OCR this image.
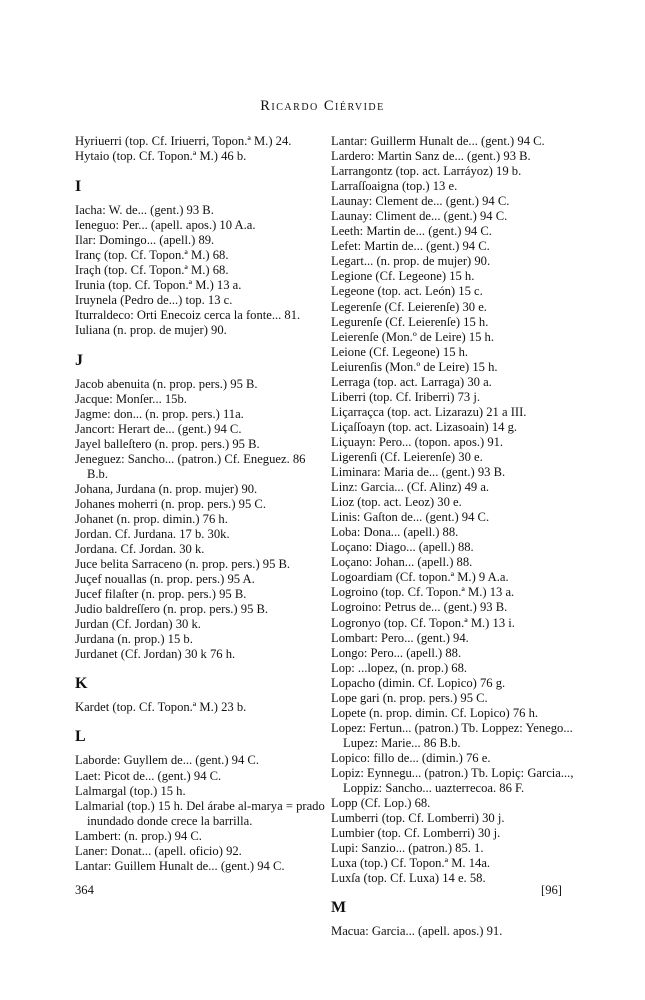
Ricardo Ciérvide

Hyriuerri (top. Cf. Iriuerri, Topon.ª M.) 24.

Hytaio (top. Cf. Topon.ª M.) 46 b.

I

Iacha: W. de... (gent.) 93 B.

Ieneguo: Per... (apell. apos.) 10 A.a.

Ilar: Domingo... (apell.) 89.

Iranç (top. Cf. Topon.ª M.) 68.

Iraçh (top. Cf. Topon.ª M.) 68.

Irunia (top. Cf. Topon.ª M.) 13 a.

Iruynela (Pedro de...) top. 13 c.

Iturraldeco: Orti Enecoiz cerca la fonte... 81.

Iuliana (n. prop. de mujer) 90.

J

Jacob abenuita (n. prop. pers.) 95 B.

Jacque: Monſer... 15b.

Jagme: don... (n. prop. pers.) 11a.

Jancort: Herart de... (gent.) 94 C.

Jayel balleſtero (n. prop. pers.) 95 B.

Jeneguez: Sancho... (patron.) Cf. Eneguez. 86 B.b.

Johana, Jurdana (n. prop. mujer) 90.

Johanes moherri (n. prop. pers.) 95 C.

Johanet (n. prop. dimin.) 76 h.

Jordan. Cf. Jurdana. 17 b. 30k.

Jordana. Cf. Jordan. 30 k.

Juce belita Sarraceno (n. prop. pers.) 95 B.

Juçef nouallas (n. prop. pers.) 95 A.

Jucef filaſter (n. prop. pers.) 95 B.

Judio baldreſſero (n. prop. pers.) 95 B.

Jurdan (Cf. Jordan) 30 k.

Jurdana (n. prop.) 15 b.

Jurdanet (Cf. Jordan) 30 k 76 h.

K

Kardet (top. Cf. Topon.ª M.) 23 b.

L

Laborde: Guyllem de... (gent.) 94 C.

Laet: Picot de... (gent.) 94 C.

Lalmargal (top.) 15 h.

Lalmarial (top.) 15 h. Del árabe al-marya = prado inundado donde crece la barrilla.

Lambert: (n. prop.) 94 C.

Laner: Donat... (apell. oficio) 92.

Lantar: Guillem Hunalt de... (gent.) 94 C.

Lantar: Guillerm Hunalt de... (gent.) 94 C.

Lardero: Martin Sanz de... (gent.) 93 B.

Larrangontz (top. act. Larráyoz) 19 b.

Larraſſoaigna (top.) 13 e.

Launay: Clement de... (gent.) 94 C.

Launay: Climent de... (gent.) 94 C.

Leeth: Martin de... (gent.) 94 C.

Lefet: Martin de... (gent.) 94 C.

Legart... (n. prop. de mujer) 90.

Legione (Cf. Legeone) 15 h.

Legeone (top. act. León) 15 c.

Legerenſe (Cf. Leierenſe) 30 e.

Legurenſe (Cf. Leierenſe) 15 h.

Leierenſe (Mon.º de Leire) 15 h.

Leione (Cf. Legeone) 15 h.

Leiurenſis (Mon.º de Leire) 15 h.

Lerraga (top. act. Larraga) 30 a.

Liberri (top. Cf. Iriberri) 73 j.

Liçarraçca (top. act. Lizarazu) 21 a III.

Liçaſſoayn (top. act. Lizasoain) 14 g.

Liçuayn: Pero... (topon. apos.) 91.

Ligerenſi (Cf. Leierenſe) 30 e.

Liminara: Maria de... (gent.) 93 B.

Linz: Garcia... (Cf. Alinz) 49 a.

Lioz (top. act. Leoz) 30 e.

Linis: Gaſton de... (gent.) 94 C.

Loba: Dona... (apell.) 88.

Loçano: Diago... (apell.) 88.

Loçano: Johan... (apell.) 88.

Logoardiam (Cf. topon.ª M.) 9 A.a.

Logroino (top. Cf. Topon.ª M.) 13 a.

Logroino: Petrus de... (gent.) 93 B.

Logronyo (top. Cf. Topon.ª M.) 13 i.

Lombart: Pero... (gent.) 94.

Longo: Pero... (apell.) 88.

Lop: ...lopez, (n. prop.) 68.

Lopacho (dimin. Cf. Lopico) 76 g.

Lope gari (n. prop. pers.) 95 C.

Lopete (n. prop. dimin. Cf. Lopico) 76 h.

Lopez: Fertun... (patron.) Tb. Loppez: Yenego... Lupez: Marie... 86 B.b.

Lopico: fillo de... (dimin.) 76 e.

Lopiz: Eynnegu... (patron.) Tb. Lopiç: Garcia..., Loppiz: Sancho... uazterrecoa. 86 F.

Lopp (Cf. Lop.) 68.

Lumberri (top. Cf. Lomberri) 30 j.

Lumbier (top. Cf. Lomberri) 30 j.

Lupi: Sanzio... (patron.) 85. 1.

Luxa (top.) Cf. Topon.ª M. 14a.

Luxſa (top. Cf. Luxa) 14 e. 58.

M

Macua: Garcia... (apell. apos.) 91.

364	[96]
